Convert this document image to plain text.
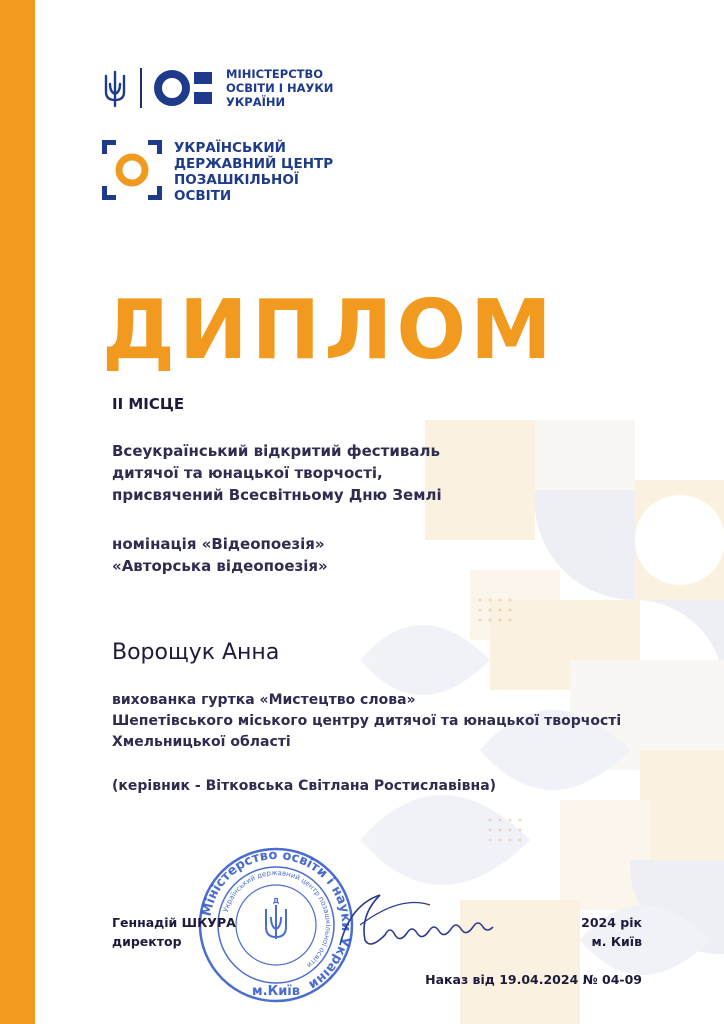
МІНІСТЕРСТВО
ОСВІТИ І НАУКИ
УКРАЇНИ
УКРАЇНСЬКИЙ
ДЕРЖАВНИЙ ЦЕНТР
ПОЗАШКІЛЬНОЇ
ОСВІТИ
ДИПЛОМ
ІІ МІСЦЕ
Всеукраїнський відкритий фестиваль
дитячої та юнацької творчості,
присвячений Всесвітньому Дню Землі
номінація «Відеопоезія»
«Авторська відеопоезія»
Ворощук Анна
вихованка гуртка «Мистецтво слова»
Шепетівського міського центру дитячої та юнацької творчості
Хмельницької області
(керівник - Вітковська Світлана Ростиславівна)
Міністерство освіти і науки України
Український державний центр позашкільної освіти
Д
м.Київ
Геннадій ШКУРА
директор
2024 рік
м. Київ
Наказ від 19.04.2024 № 04-09
